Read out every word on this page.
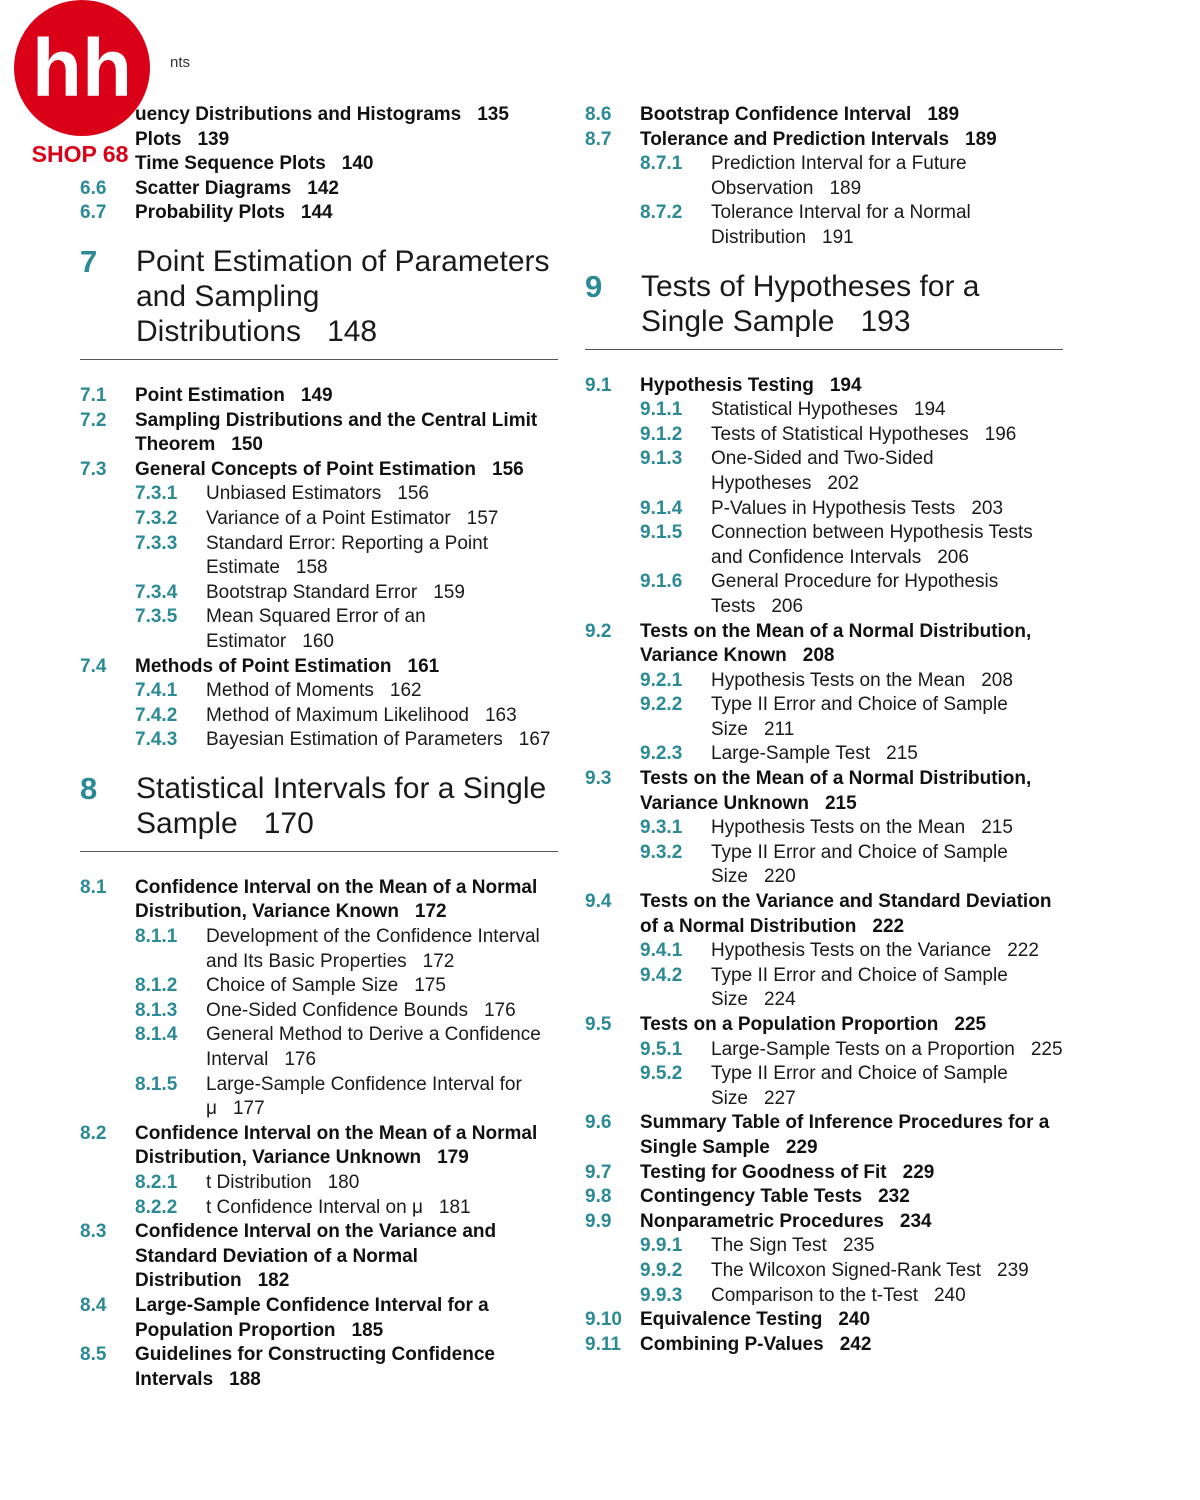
nts
uency Distributions and Histograms 135
Plots 139
Time Sequence Plots 140
6.6	Scatter Diagrams 142
6.7	Probability Plots 144
7	Point Estimation of Parameters and Sampling Distributions 148
7.1	Point Estimation 149
7.2	Sampling Distributions and the Central Limit Theorem 150
7.3	General Concepts of Point Estimation 156
7.3.1	Unbiased Estimators 156
7.3.2	Variance of a Point Estimator 157
7.3.3	Standard Error: Reporting a Point Estimate 158
7.3.4	Bootstrap Standard Error 159
7.3.5	Mean Squared Error of an Estimator 160
7.4	Methods of Point Estimation 161
7.4.1	Method of Moments 162
7.4.2	Method of Maximum Likelihood 163
7.4.3	Bayesian Estimation of Parameters 167
8	Statistical Intervals for a Single Sample 170
8.1	Confidence Interval on the Mean of a Normal Distribution, Variance Known 172
8.1.1	Development of the Confidence Interval and Its Basic Properties 172
8.1.2	Choice of Sample Size 175
8.1.3	One-Sided Confidence Bounds 176
8.1.4	General Method to Derive a Confidence Interval 176
8.1.5	Large-Sample Confidence Interval for μ 177
8.2	Confidence Interval on the Mean of a Normal Distribution, Variance Unknown 179
8.2.1	t Distribution 180
8.2.2	t Confidence Interval on μ 181
8.3	Confidence Interval on the Variance and Standard Deviation of a Normal Distribution 182
8.4	Large-Sample Confidence Interval for a Population Proportion 185
8.5	Guidelines for Constructing Confidence Intervals 188
8.6	Bootstrap Confidence Interval 189
8.7	Tolerance and Prediction Intervals 189
8.7.1	Prediction Interval for a Future Observation 189
8.7.2	Tolerance Interval for a Normal Distribution 191
9	Tests of Hypotheses for a Single Sample 193
9.1	Hypothesis Testing 194
9.1.1	Statistical Hypotheses 194
9.1.2	Tests of Statistical Hypotheses 196
9.1.3	One-Sided and Two-Sided Hypotheses 202
9.1.4	P-Values in Hypothesis Tests 203
9.1.5	Connection between Hypothesis Tests and Confidence Intervals 206
9.1.6	General Procedure for Hypothesis Tests 206
9.2	Tests on the Mean of a Normal Distribution, Variance Known 208
9.2.1	Hypothesis Tests on the Mean 208
9.2.2	Type II Error and Choice of Sample Size 211
9.2.3	Large-Sample Test 215
9.3	Tests on the Mean of a Normal Distribution, Variance Unknown 215
9.3.1	Hypothesis Tests on the Mean 215
9.3.2	Type II Error and Choice of Sample Size 220
9.4	Tests on the Variance and Standard Deviation of a Normal Distribution 222
9.4.1	Hypothesis Tests on the Variance 222
9.4.2	Type II Error and Choice of Sample Size 224
9.5	Tests on a Population Proportion 225
9.5.1	Large-Sample Tests on a Proportion 225
9.5.2	Type II Error and Choice of Sample Size 227
9.6	Summary Table of Inference Procedures for a Single Sample 229
9.7	Testing for Goodness of Fit 229
9.8	Contingency Table Tests 232
9.9	Nonparametric Procedures 234
9.9.1	The Sign Test 235
9.9.2	The Wilcoxon Signed-Rank Test 239
9.9.3	Comparison to the t-Test 240
9.10 Equivalence Testing 240
9.11	Combining P-Values 242
hh
SHOP 68
